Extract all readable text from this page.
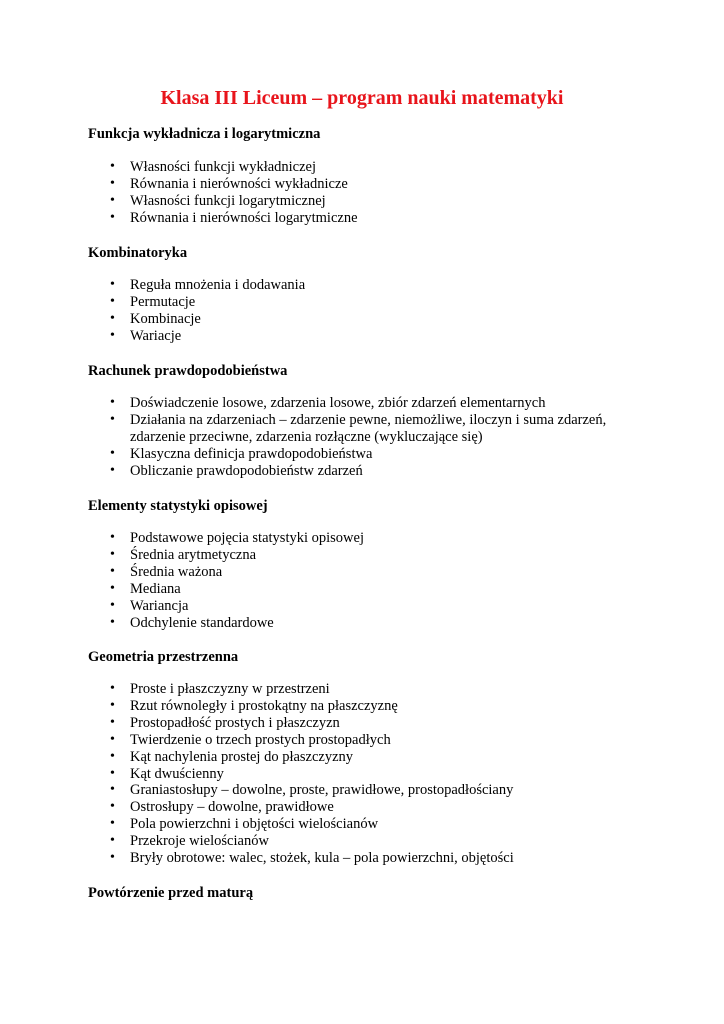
Klasa III Liceum – program nauki matematyki
Funkcja wykładnicza i logarytmiczna
• Własności funkcji wykładniczej
• Równania i nierówności wykładnicze
• Własności funkcji logarytmicznej
• Równania i nierówności logarytmiczne
Kombinatoryka
• Reguła mnożenia i dodawania
• Permutacje
• Kombinacje
• Wariacje
Rachunek prawdopodobieństwa
• Doświadczenie losowe, zdarzenia losowe, zbiór zdarzeń elementarnych
• Działania na zdarzeniach – zdarzenie pewne, niemożliwe, iloczyn i suma zdarzeń, zdarzenie przeciwne, zdarzenia rozłączne (wykluczające się)
• Klasyczna definicja prawdopodobieństwa
• Obliczanie prawdopodobieństw zdarzeń
Elementy statystyki opisowej
• Podstawowe pojęcia statystyki opisowej
• Średnia arytmetyczna
• Średnia ważona
• Mediana
• Wariancja
• Odchylenie standardowe
Geometria przestrzenna
• Proste i płaszczyzny w przestrzeni
• Rzut równoległy i prostokątny na płaszczyznę
• Prostopadłość prostych i płaszczyzn
• Twierdzenie o trzech prostych prostopadłych
• Kąt nachylenia prostej do płaszczyzny
• Kąt dwuścienny
• Graniastosłupy – dowolne, proste, prawidłowe, prostopadłościany
• Ostrosłupy – dowolne, prawidłowe
• Pola powierzchni i objętości wielościanów
• Przekroje wielościanów
• Bryły obrotowe: walec, stożek, kula – pola powierzchni, objętości
Powtórzenie przed maturą
